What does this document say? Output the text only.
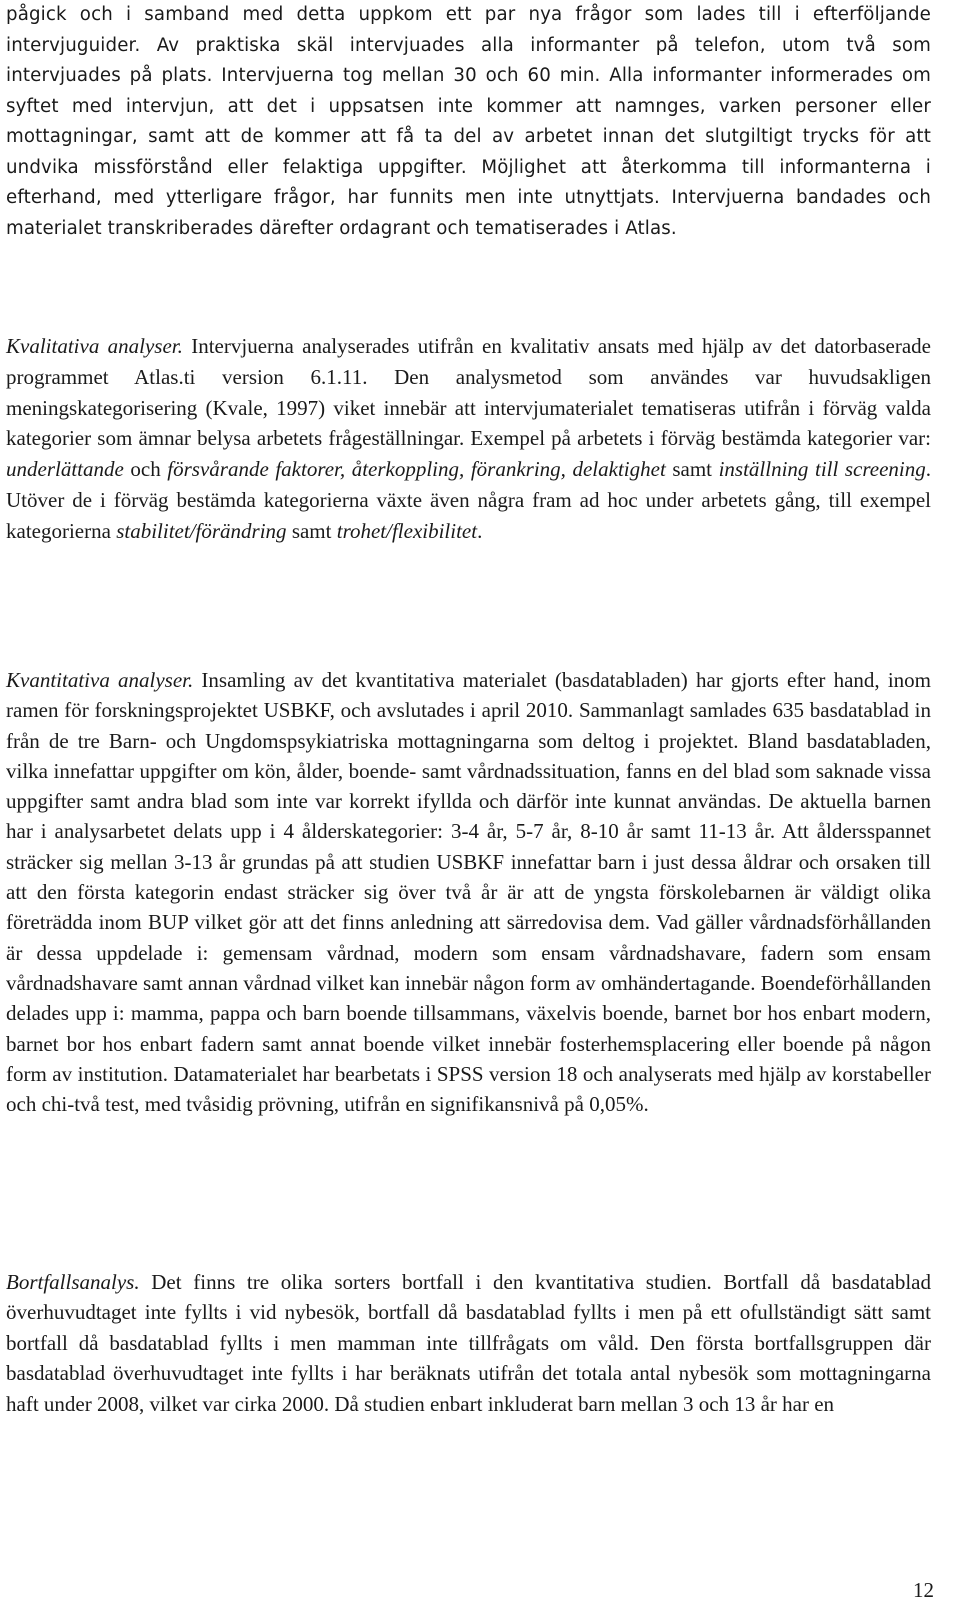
pågick och i samband med detta uppkom ett par nya frågor som lades till i efterföljande intervjuguider. Av praktiska skäl intervjuades alla informanter på telefon, utom två som intervjuades på plats. Intervjuerna tog mellan 30 och 60 min. Alla informanter informerades om syftet med intervjun, att det i uppsatsen inte kommer att namnges, varken personer eller mottagningar, samt att de kommer att få ta del av arbetet innan det slutgiltigt trycks för att undvika missförstånd eller felaktiga uppgifter. Möjlighet att återkomma till informanterna i efterhand, med ytterligare frågor, har funnits men inte utnyttjats. Intervjuerna bandades och materialet transkriberades därefter ordagrant och tematiserades i Atlas.

Kvalitativa analyser. Intervjuerna analyserades utifrån en kvalitativ ansats med hjälp av det datorbaserade programmet Atlas.ti version 6.1.11. Den analysmetod som användes var huvudsakligen meningskategorisering (Kvale, 1997) viket innebär att intervjumaterialet tematiseras utifrån i förväg valda kategorier som ämnar belysa arbetets frågeställningar. Exempel på arbetets i förväg bestämda kategorier var: underlättande och försvårande faktorer, återkoppling, förankring, delaktighet samt inställning till screening. Utöver de i förväg bestämda kategorierna växte även några fram ad hoc under arbetets gång, till exempel kategorierna stabilitet/förändring samt trohet/flexibilitet.

Kvantitativa analyser. Insamling av det kvantitativa materialet (basdatabladen) har gjorts efter hand, inom ramen för forskningsprojektet USBKF, och avslutades i april 2010. Sammanlagt samlades 635 basdatablad in från de tre Barn- och Ungdomspsykiatriska mottagningarna som deltog i projektet. Bland basdatabladen, vilka innefattar uppgifter om kön, ålder, boende- samt vårdnadssituation, fanns en del blad som saknade vissa uppgifter samt andra blad som inte var korrekt ifyllda och därför inte kunnat användas. De aktuella barnen har i analysarbetet delats upp i 4 ålderskategorier: 3-4 år, 5-7 år, 8-10 år samt 11-13 år. Att åldersspannet sträcker sig mellan 3-13 år grundas på att studien USBKF innefattar barn i just dessa åldrar och orsaken till att den första kategorin endast sträcker sig över två år är att de yngsta förskolebarnen är väldigt olika företrädda inom BUP vilket gör att det finns anledning att särredovisa dem. Vad gäller vårdnadsförhållanden är dessa uppdelade i: gemensam vårdnad, modern som ensam vårdnadshavare, fadern som ensam vårdnadshavare samt annan vårdnad vilket kan innebär någon form av omhändertagande. Boendeförhållanden delades upp i: mamma, pappa och barn boende tillsammans, växelvis boende, barnet bor hos enbart modern, barnet bor hos enbart fadern samt annat boende vilket innebär fosterhemsplacering eller boende på någon form av institution. Datamaterialet har bearbetats i SPSS version 18 och analyserats med hjälp av korstabeller och chi-två test, med tvåsidig prövning, utifrån en signifikansnivå på 0,05%.

Bortfallsanalys. Det finns tre olika sorters bortfall i den kvantitativa studien. Bortfall då basdatablad överhuvudtaget inte fyllts i vid nybesök, bortfall då basdatablad fyllts i men på ett ofullständigt sätt samt bortfall då basdatablad fyllts i men mamman inte tillfrågats om våld. Den första bortfallsgruppen där basdatablad överhuvudtaget inte fyllts i har beräknats utifrån det totala antal nybesök som mottagningarna haft under 2008, vilket var cirka 2000. Då studien enbart inkluderat barn mellan 3 och 13 år har en

12
